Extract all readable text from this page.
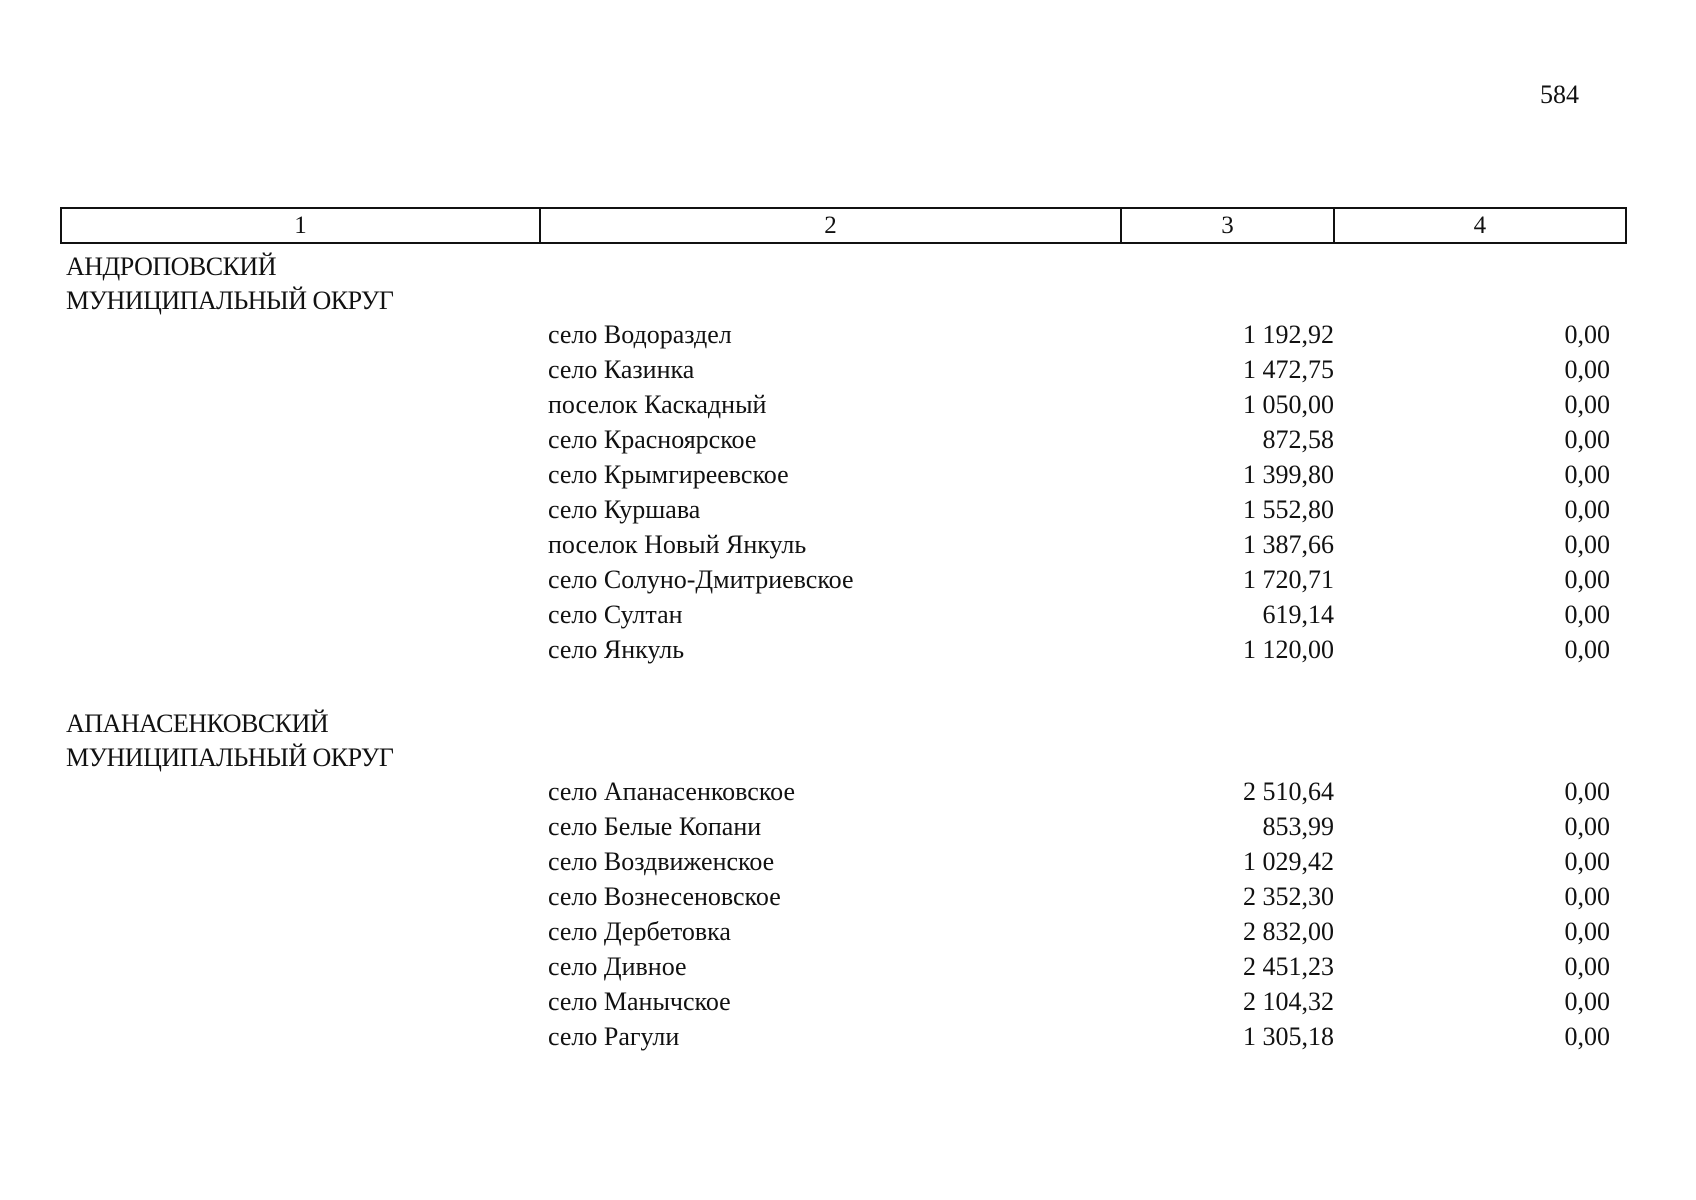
584
1	2	3	4
АНДРОПОВСКИЙ
МУНИЦИПАЛЬНЫЙ ОКРУГ
село Водораздел	1 192,92	0,00
село Казинка	1 472,75	0,00
поселок Каскадный	1 050,00	0,00
село Красноярское	872,58	0,00
село Крымгиреевское	1 399,80	0,00
село Куршава	1 552,80	0,00
поселок Новый Янкуль	1 387,66	0,00
село Солуно-Дмитриевское	1 720,71	0,00
село Султан	619,14	0,00
село Янкуль	1 120,00	0,00
АПАНАСЕНКОВСКИЙ
МУНИЦИПАЛЬНЫЙ ОКРУГ
село Апанасенковское	2 510,64	0,00
село Белые Копани	853,99	0,00
село Воздвиженское	1 029,42	0,00
село Вознесеновское	2 352,30	0,00
село Дербетовка	2 832,00	0,00
село Дивное	2 451,23	0,00
село Манычское	2 104,32	0,00
село Рагули	1 305,18	0,00
